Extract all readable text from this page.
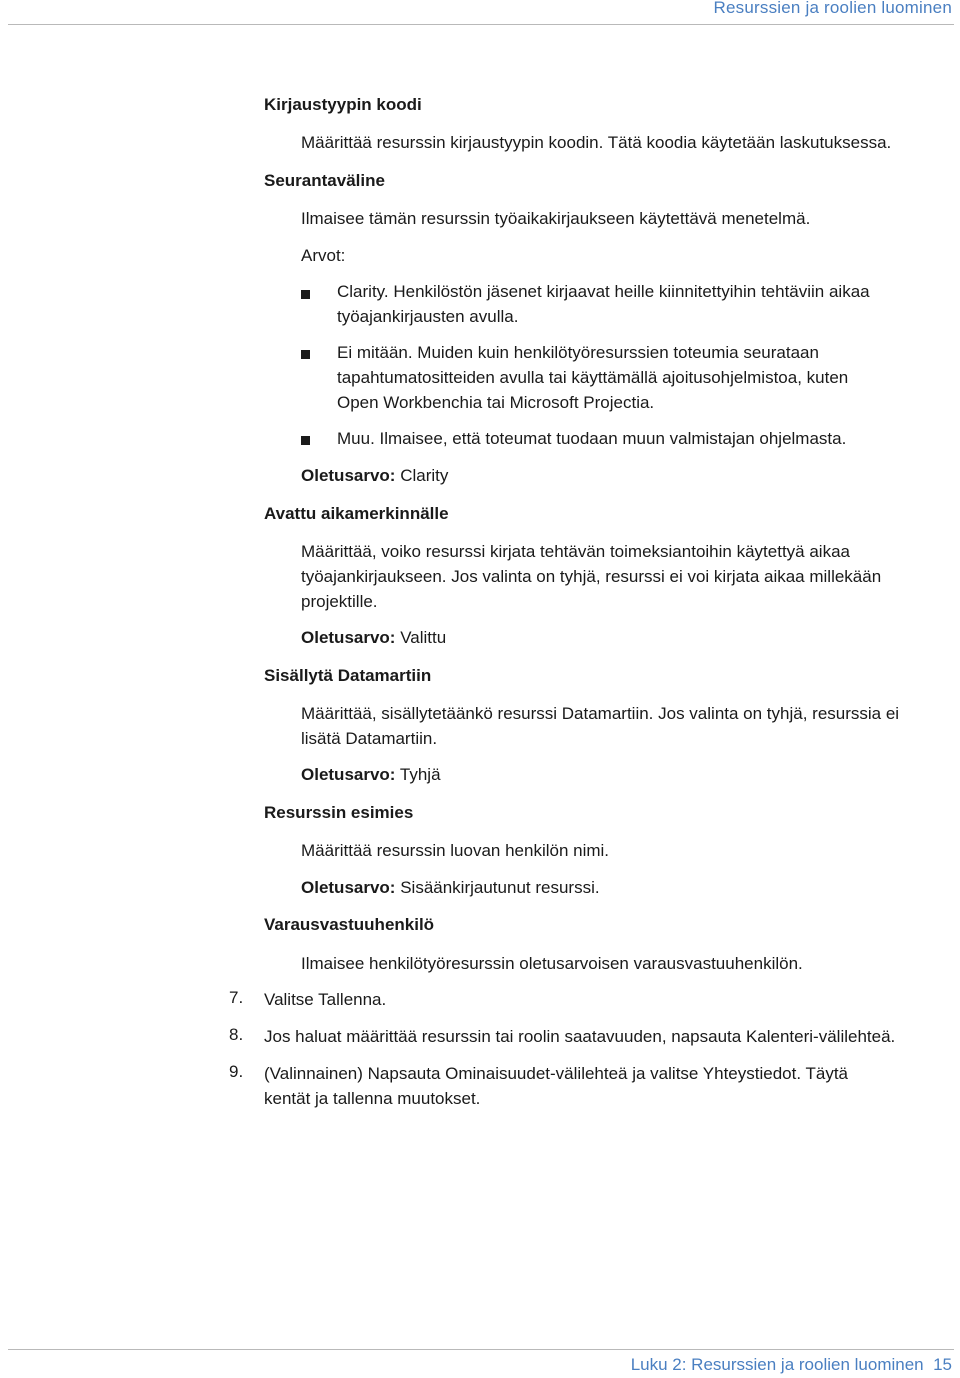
Resurssien ja roolien luominen
Kirjaustyypin koodi
Määrittää resurssin kirjaustyypin koodin. Tätä koodia käytetään laskutuksessa.
Seurantaväline
Ilmaisee tämän resurssin työaikakirjaukseen käytettävä menetelmä.
Arvot:
Clarity. Henkilöstön jäsenet kirjaavat heille kiinnitettyihin tehtäviin aikaa
työajankirjausten avulla.
Ei mitään. Muiden kuin henkilötyöresurssien toteumia seurataan
tapahtumatositteiden avulla tai käyttämällä ajoitusohjelmistoa, kuten
Open Workbenchia tai Microsoft Projectia.
Muu. Ilmaisee, että toteumat tuodaan muun valmistajan ohjelmasta.
Oletusarvo: Clarity
Avattu aikamerkinnälle
Määrittää, voiko resurssi kirjata tehtävän toimeksiantoihin käytettyä aikaa
työajankirjaukseen. Jos valinta on tyhjä, resurssi ei voi kirjata aikaa millekään
projektille.
Oletusarvo: Valittu
Sisällytä Datamartiin
Määrittää, sisällytetäänkö resurssi Datamartiin. Jos valinta on tyhjä, resurssia ei
lisätä Datamartiin.
Oletusarvo: Tyhjä
Resurssin esimies
Määrittää resurssin luovan henkilön nimi.
Oletusarvo: Sisäänkirjautunut resurssi.
Varausvastuuhenkilö
Ilmaisee henkilötyöresurssin oletusarvoisen varausvastuuhenkilön.
7. Valitse Tallenna.
8. Jos haluat määrittää resurssin tai roolin saatavuuden, napsauta Kalenteri-välilehteä.
9. (Valinnainen) Napsauta Ominaisuudet-välilehteä ja valitse Yhteystiedot. Täytä
kentät ja tallenna muutokset.
Luku 2: Resurssien ja roolien luominen  15
